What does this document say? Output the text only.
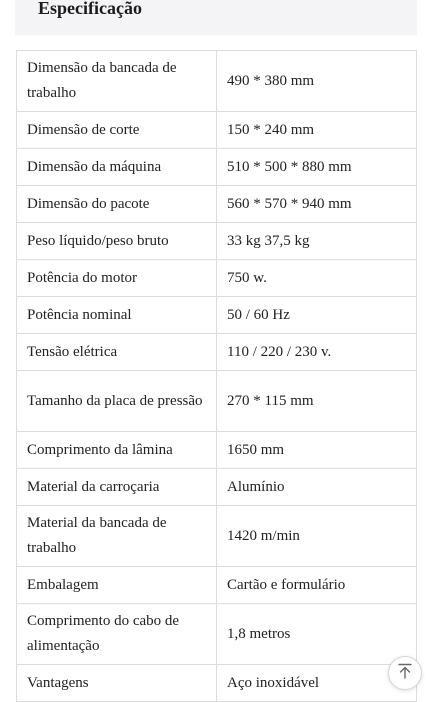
Especificação
Dimensão da bancada de trabalho	490 * 380 mm
Dimensão de corte	150 * 240 mm
Dimensão da máquina	510 * 500 * 880 mm
Dimensão do pacote	560 * 570 * 940 mm
Peso líquido/peso bruto	33 kg 37,5 kg
Potência do motor	750 w.
Potência nominal	50 / 60 Hz
Tensão elétrica	110 / 220 / 230 v.
Tamanho da placa de pressão	270 * 115 mm
Comprimento da lâmina	1650 mm
Material da carroçaria	Alumínio
Material da bancada de trabalho	1420 m/min
Embalagem	Cartão e formulário
Comprimento do cabo de alimentação	1,8 metros
Vantagens	Aço inoxidável
